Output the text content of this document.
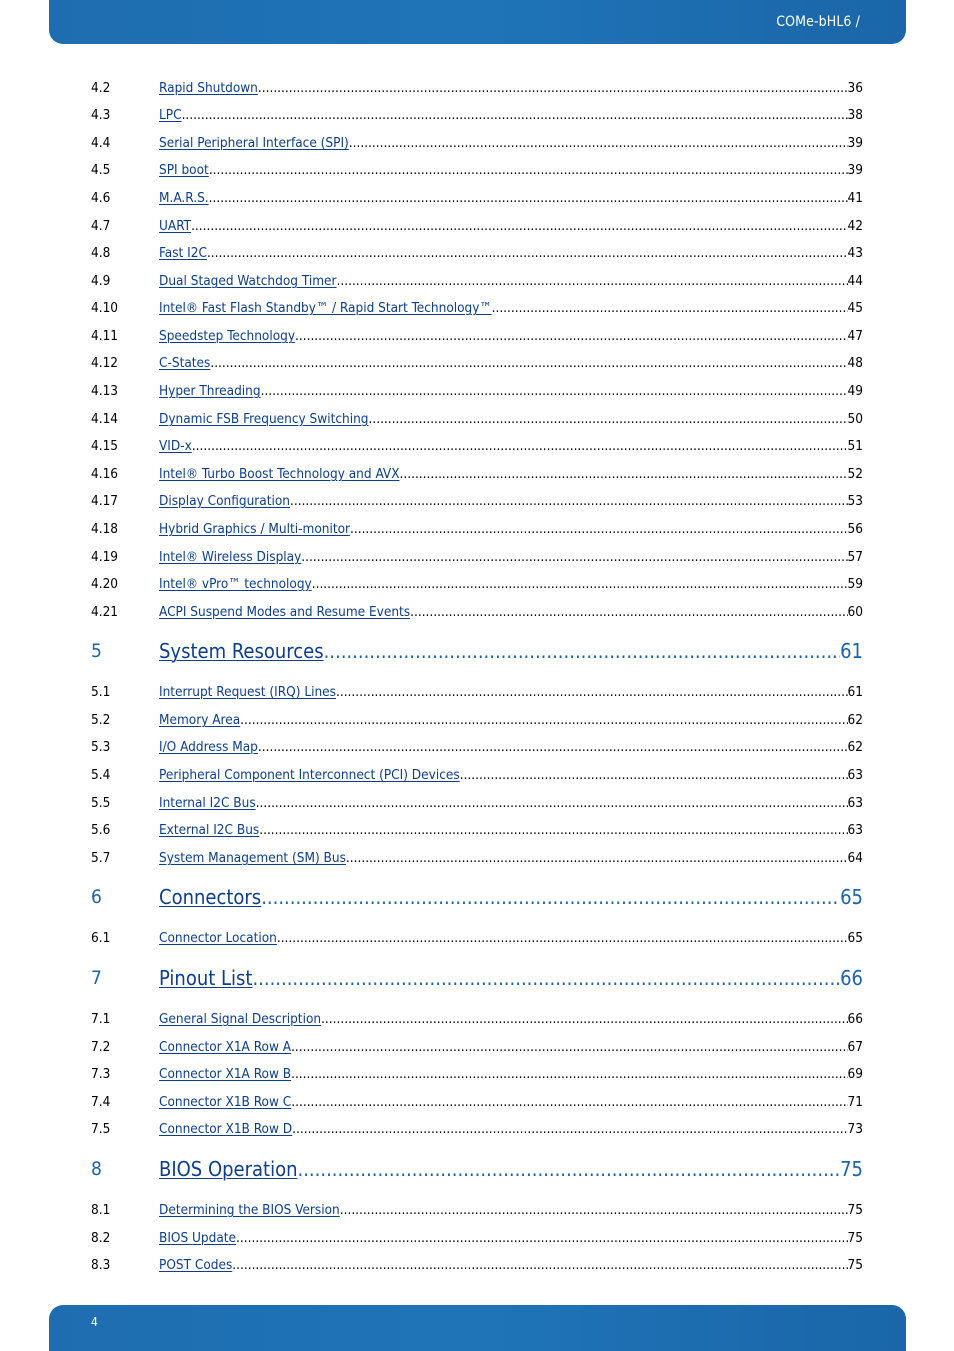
COMe-bHL6 /
4.2	Rapid Shutdown .....	36
4.3	LPC .....	38
4.4	Serial Peripheral Interface (SPI) .....	39
4.5	SPI boot .....	39
4.6	M.A.R.S. .....	41
4.7	UART .....	42
4.8	Fast I2C .....	43
4.9	Dual Staged Watchdog Timer .....	44
4.10	Intel® Fast Flash Standby™ / Rapid Start Technology™ .....	45
4.11	Speedstep Technology .....	47
4.12	C-States .....	48
4.13	Hyper Threading .....	49
4.14	Dynamic FSB Frequency Switching .....	50
4.15	VID-x .....	51
4.16	Intel® Turbo Boost Technology and AVX .....	52
4.17	Display Configuration .....	53
4.18	Hybrid Graphics / Multi-monitor .....	56
4.19	Intel® Wireless Display .....	57
4.20	Intel® vPro™ technology .....	59
4.21	ACPI Suspend Modes and Resume Events .....	60
5	System Resources .....	61
5.1	Interrupt Request (IRQ) Lines .....	61
5.2	Memory Area .....	62
5.3	I/O Address Map .....	62
5.4	Peripheral Component Interconnect (PCI) Devices .....	63
5.5	Internal I2C Bus .....	63
5.6	External I2C Bus .....	63
5.7	System Management (SM) Bus .....	64
6	Connectors .....	65
6.1	Connector Location .....	65
7	Pinout List .....	66
7.1	General Signal Description .....	66
7.2	Connector X1A Row A .....	67
7.3	Connector X1A Row B .....	69
7.4	Connector X1B Row C .....	71
7.5	Connector X1B Row D .....	73
8	BIOS Operation .....	75
8.1	Determining the BIOS Version .....	75
8.2	BIOS Update .....	75
8.3	POST Codes .....	75
4
